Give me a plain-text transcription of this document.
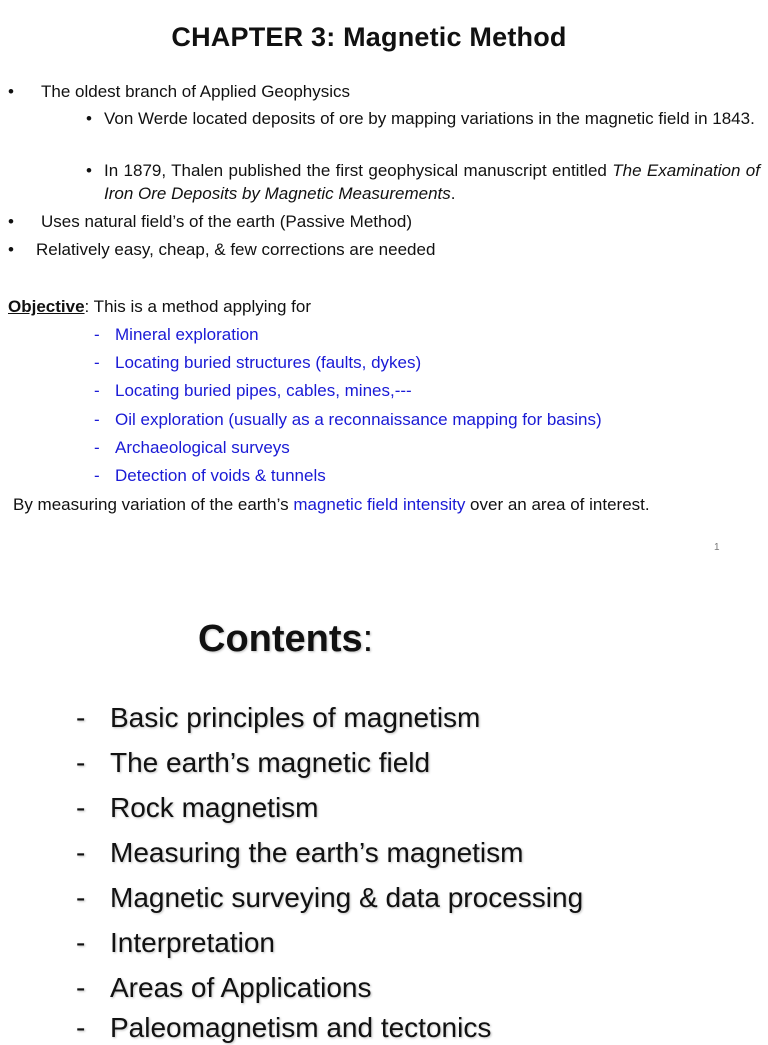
CHAPTER 3: Magnetic Method
• The oldest branch of Applied Geophysics
• Von Werde located deposits of ore by mapping variations in the magnetic field in 1843.
• In 1879, Thalen published the first geophysical manuscript entitled The Examination of Iron Ore Deposits by Magnetic Measurements.
• Uses natural field’s of the earth (Passive Method)
• Relatively easy, cheap, & few corrections are needed
Objective: This is a method applying for
- Mineral exploration
- Locating buried structures (faults, dykes)
- Locating buried pipes, cables, mines,---
- Oil exploration (usually as a reconnaissance mapping for basins)
- Archaeological surveys
- Detection of voids & tunnels
By measuring variation of the earth’s magnetic field intensity over an area of interest.
1
Contents:
- Basic principles of magnetism
- The earth’s magnetic field
- Rock magnetism
- Measuring the earth’s magnetism
- Magnetic surveying & data processing
- Interpretation
- Areas of Applications
- Paleomagnetism and tectonics
